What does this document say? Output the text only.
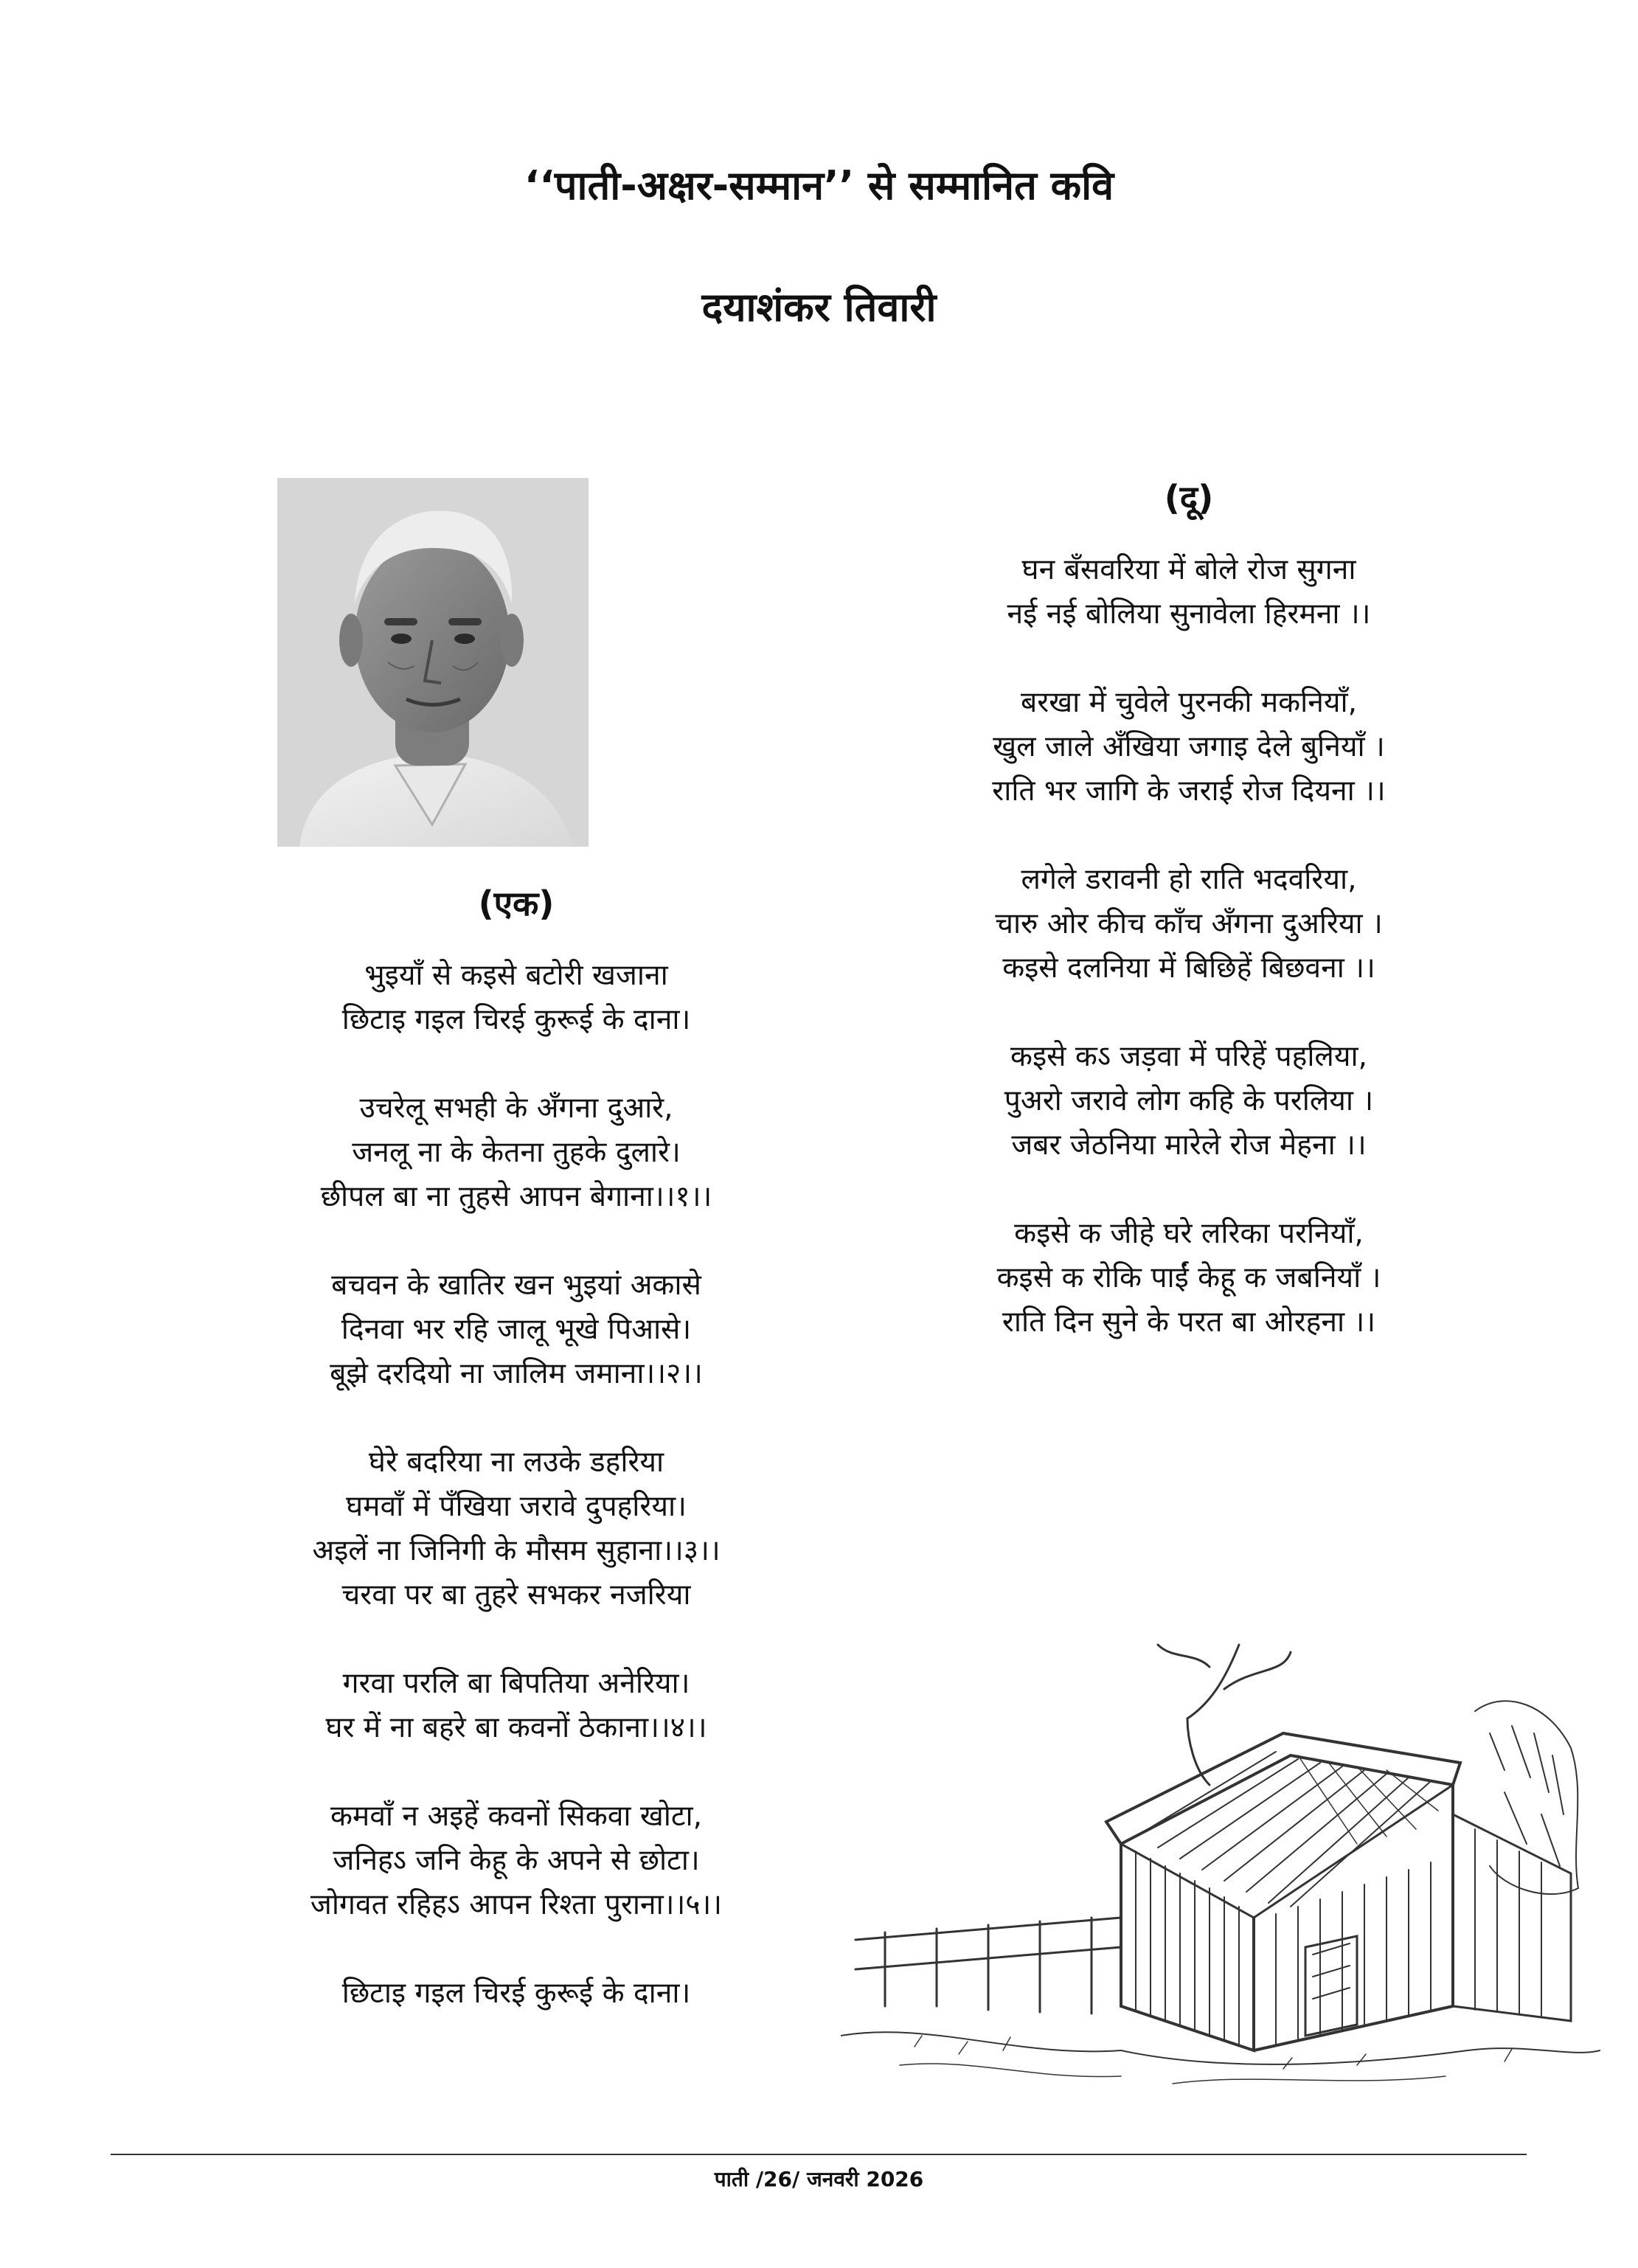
‘‘पाती-अक्षर-सम्मान’’ से सम्मानित कवि
दयाशंकर तिवारी
(एक)
भुइयाँ से कइसे बटोरी खजाना
छिटाइ गइल चिरई कुरूई के दाना।
उचरेलू सभही के अँगना दुआरे,
जनलू ना के केतना तुहके दुलारे।
छीपल बा ना तुहसे आपन बेगाना।।१।।
बचवन के खातिर खन भुइयां अकासे
दिनवा भर रहि जालू भूखे पिआसे।
बूझे दरदियो ना जालिम जमाना।।२।।
घेरे बदरिया ना लउके डहरिया
घमवाँ में पँखिया जरावे दुपहरिया।
अइलें ना जिनिगी के मौसम सुहाना।।३।।
चरवा पर बा तुहरे सभकर नजरिया
गरवा परलि बा बिपतिया अनेरिया।
घर में ना बहरे बा कवनों ठेकाना।।४।।
कमवाँ न अइहें कवनों सिकवा खोटा,
जनिहऽ जनि केहू के अपने से छोटा।
जोगवत रहिहऽ आपन रिश्ता पुराना।।५।।
छिटाइ गइल चिरई कुरूई के दाना।
(दू)
घन बँसवरिया में बोले रोज सुगना
नई नई बोलिया सुनावेला हिरमना ।।
बरखा में चुवेले पुरनकी मकनियाँ,
खुल जाले अँखिया जगाइ देले बुनियाँ ।
राति भर जागि के जराई रोज दियना ।।
लगेले डरावनी हो राति भदवरिया,
चारु ओर कीच काँच अँगना दुअरिया ।
कइसे दलनिया में बिछिहें बिछवना ।।
कइसे कऽ जड़वा में परिहें पहलिया,
पुअरो जरावे लोग कहि के परलिया ।
जबर जेठनिया मारेले रोज मेहना ।।
कइसे क जीहे घरे लरिका परनियाँ,
कइसे क रोकि पाईं केहू क जबनियाँ ।
राति दिन सुने के परत बा ओरहना ।।
पाती /26/ जनवरी 2026
